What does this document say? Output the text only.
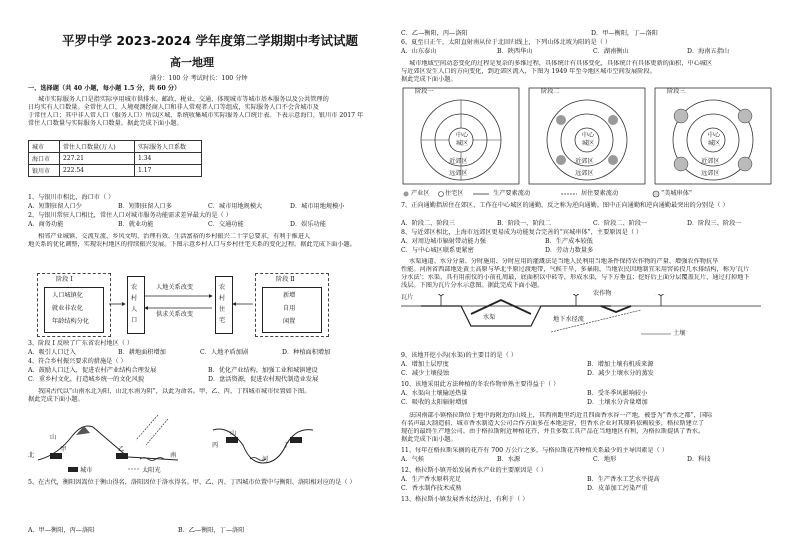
平罗中学 2023-2024 学年度第二学期期中考试试题
高一地理
满分：100 分 考试时长：100 分钟
一、选择题（共 40 小题，每小题 1.5 分，共 60 分）
城市实际服务人口是指实际享用城市供排水、邮政、税业、交通、体现城市等城市基本服务以及公共管理的
日均实有人口数量。全常住人口、人境观测经商人口和非人常观者人口等组成，实际服务人口不会含城市及
于常住人口；其中非人常人口（服务人口）所以区城、系统收集城市实际服务人口统计表。下表示意海口、银川市 2017 年
常住人口数量与实际服务人口数量。据此完成下面小题。
城市	常住人口数量(万人)	实际服务人口系数
海口市	227.21	1.34
银川市	222.54	1.17
1、与银川市相比，海口市（ ）
A．短期驻留人口少	B．短期驻留人口多	C．城市用地规模大	D．城市用地规模小
2、与银川常驻人口相比，常住人口对城市服务功能需求差异最大的是（ ）
A．商务功能	B．就业功能	C．交通功能	D．娱乐功能
相邻产业城镇、交流互流、乡风文明、治理有效、生活富裕的乡村振兴二十字总要求，有利于推进人
地关系的优化调整，实现农村地区的持续振兴发展。下图示意乡村人口与乡村住宅关系的变化过程。据此完成下面小题。
阶段 Ⅰ
人口城镇化
就业非农化
年龄结构分化
农村人口
农村住宅
人地关系改变
供求关系改变
阶段 Ⅱ
新增
自用
闲置
3、阶段 Ⅰ 反映了广东省农村地区（ ）
A．吸引人口迁入	B．耕地面积增加	C．人地矛盾加剧	D．种植面积增加
4、符合乡村振兴要求的措施是（ ）
A．鼓励人口迁入，促进农村产业结构合理发展	B．优化产业结构，加强工业和城镇建设
C．重乡村文化，打造城乡统一的文化风貌	D．盘活资源，促进农村现代制造业发展
我国古代以“山南水北为阳，山北水南为阴”，以此为命名。甲、乙、丙、丁四城市城市位置如下图。
据此完成下面小题。
山
甲	乙
南
北
山
丙	丁
河
城市	太阳光
5、在古代，衡阳因嵩位于衡山得名，洛阳因位于洛水得名。甲、乙、丙、丁四城市位置中与衡阳、洛阳相对应的是（ ）
A．甲—衡阳，丙—洛阳	B．乙—衡阳，丁—洛阳
C．乙—衡阳，丙—洛阳	D．甲—衡阳，丁—洛阳
6、夏至日正午，太阳直射南从位于北回归线上，下列山体北坡为阳的是（ ）
A．山东泰山	B．陕西华山	C．湖南衡山	D．海南五指山
城市地域空间动态变化的过程是复杂的多维过程，具体统计有具体变化，具体统计有具体更新的面积，中心城区
与近郊区发生人口的方向变化，到近郊区流入，下图为 1949 年至今地区城市空间发展阶段。
据此完成下面小题。
阶段一	阶段二	阶段三
中心城区
近郊区
远郊区
中心城区
近郊区
远郊区
中心城区
近郊区
远郊区
产业区 住宅区	生产要素流动	居住要素流动	“美城串体”
7、正向通勤指居住在郊区、工作在中心城区的通勤，反之称为逆向通勤。图中正向通勤和逆向通勤最突出的分别是（ ）
A．阶段二、阶段三	B．阶段一、阶段二	C．阶段二、阶段一	D．阶段三、阶段一
8、与近郊区相比，上海市远郊区更易成为功能复合完善的“宾城串体”，主要原因是（ ）
A．对周边城市辐射带动能力强	B．生产成本较低
C．与中心城区联系更紧密	D．劳动力数量多
水渠通道、水分分量、分时施用、分时应用的灌溉法是当地人民利用当地条件保持农作物的产量、增强农作物抗旱
性能。河南省西部地处黄土高原与华北平原过渡地带，气候干旱，多暴雨，当地农民因地制宜采用窖砖投几水排结构，称为‘瓦片
分水法’；水渠，具有用前仪的小前孔周最，底面积以中砖等，形成水渠，与下方垂直；挖好后上面分层覆盖瓦片，通过打掉地下
浅层。下图为瓦片分水示意图。据此完成下面小题。
瓦片
农作物
水渠	地下水径流
土壤
9、该地开挖小沟(水渠)的主要目的是（ ）
A．增加土层厚度	B．增加土壤有机质来源
C．减少土壤侵蚀	D．减少土壤水分的蒸发
10、该地采用此方法种植的冬农作物单熟主要得益于（ ）
A．水渠向土壤输送热量	B．受冬季风影响较小
C．吸收的太阳辐射增加	D．土壤水分含量增加
法国南部小镇格拉斯位于地中海附近的山坡上，其西南距里约近且四面香水谷一产地，被誉为“香水之都”，国际
有名声最大制造前、城市香水制造大公司合作方面多在本地运营，但香水企业对其原料依赖较多，格拉斯建立了
现在的最终生产地公司。由于格拉斯附近种植花卉，并且多数工具产品在当地地区有利，为格拉斯提供了香水。
据此完成下面小题。
11、每年在格拉斯采摘的花卉有 700 万公斤之多，与格拉斯花卉种植关系最少的主导因素是（ ）
A．气候	B．水源	C．地形	D．科技
12、格拉斯小镇开始发展香水产业的主要原因是（ ）
A．生产香水原料充足	B．生产香水工艺水平提高
C．香水制作技术成熟	D．皮革加工污染严重
13、格拉斯小镇发展香水经济过，有利于（ ）
